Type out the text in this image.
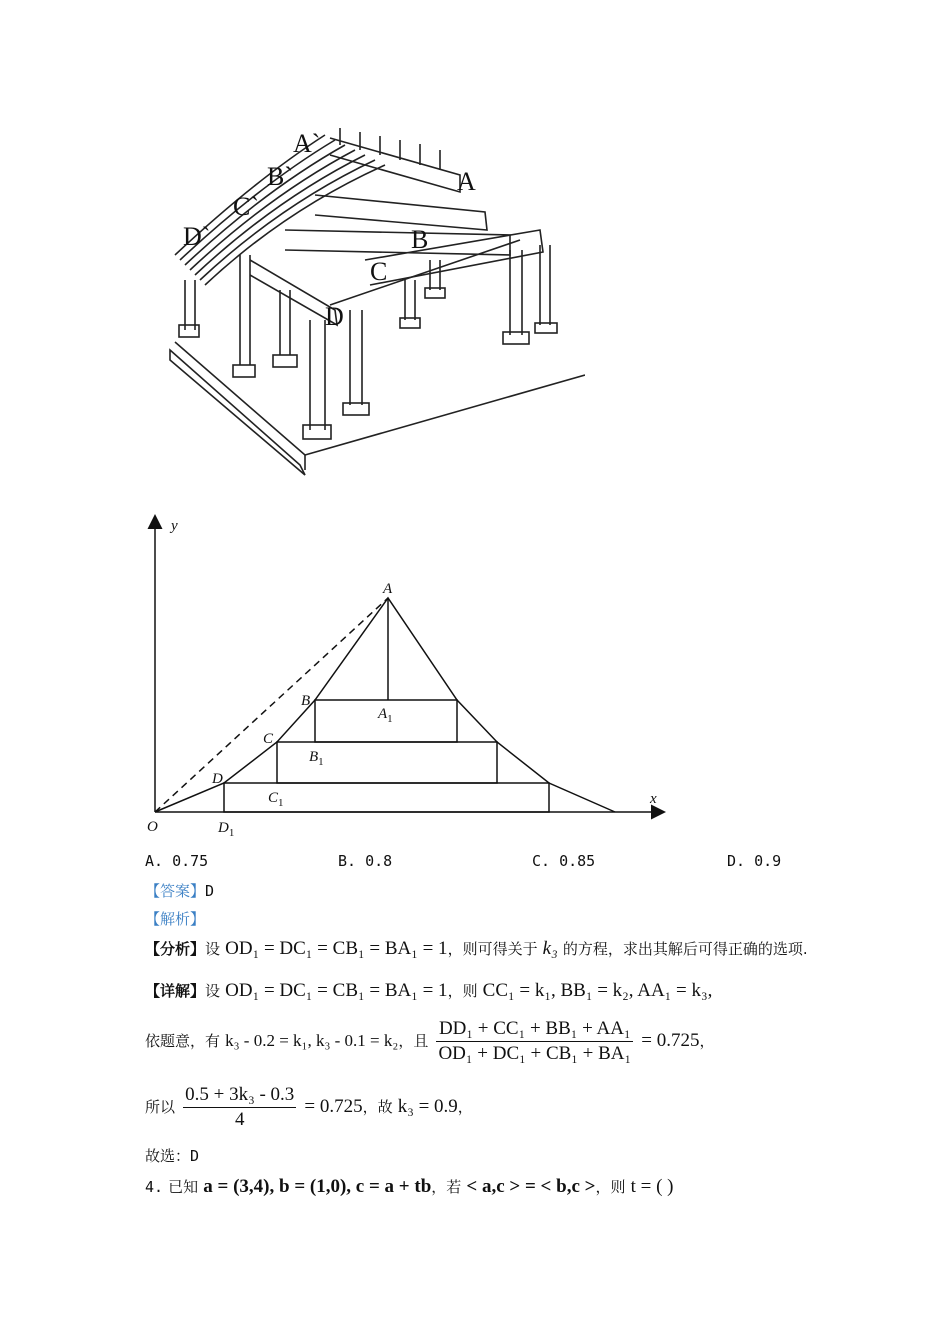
A`
B`
C`
D`
A
B
C
D
x
y
O
A
B
C
D
$A_1$
$B_1$
$C_1$
$D_1$
A. 0.75	B. 0.8	C. 0.85	D. 0.9
【答案】D
【解析】
【分析】设 OD₁ = DC₁ = CB₁ = BA₁ = 1，则可得关于 k₃ 的方程，求出其解后可得正确的选项.
【详解】设 OD₁ = DC₁ = CB₁ = BA₁ = 1，则 CC₁ = k₁, BB₁ = k₂, AA₁ = k₃,
依题意，有 k₃ - 0.2 = k₁, k₃ - 0.1 = k₂，且 $\frac{\text{DD₁ + CC₁ + BB₁ + AA₁}}{\text{OD₁ + DC₁ + CB₁ + BA₁}} = 0.725$，
所以 $\frac{\text{0.5 + 3k₃ - 0.3}}{4} = 0.725$，故 k₃ = 0.9，
故选：D
4. 已知 a = (3,4), b = (1,0), c = a + tb，若 < a,c > = < b,c >，则 t = ( )
